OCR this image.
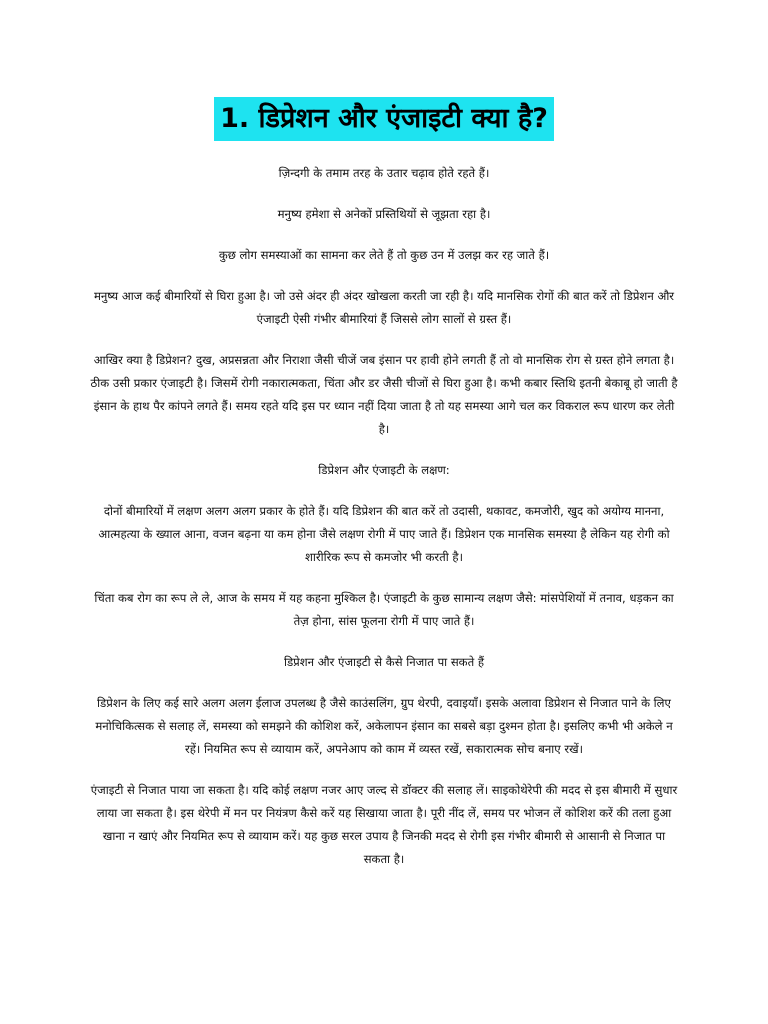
1. डिप्रेशन और एंजाइटी क्या है?

ज़िन्दगी के तमाम तरह के उतार चढ़ाव होते रहते हैं।

मनुष्य हमेशा से अनेकों प्रस्तिथियों से जूझता रहा है।

कुछ लोग समस्याओं का सामना कर लेते हैं तो कुछ उन में उलझ कर रह जाते हैं।

मनुष्य आज कई बीमारियों से घिरा हुआ है। जो उसे अंदर ही अंदर खोखला करती जा रही है। यदि मानसिक रोगों की बात करें तो डिप्रेशन और एंजाइटी ऐसी गंभीर बीमारियां हैं जिससे लोग सालों से ग्रस्त हैं।

आखिर क्या है डिप्रेशन? दुख, अप्रसन्नता और निराशा जैसी चीजें जब इंसान पर हावी होने लगती हैं तो वो मानसिक रोग से ग्रस्त होने लगता है। ठीक उसी प्रकार एंजाइटी है। जिसमें रोगी नकारात्मकता, चिंता और डर जैसी चीजों से घिरा हुआ है। कभी कबार स्तिथि इतनी बेकाबू हो जाती है इंसान के हाथ पैर कांपने लगते हैं। समय रहते यदि इस पर ध्यान नहीं दिया जाता है तो यह समस्या आगे चल कर विकराल रूप धारण कर लेती है।

डिप्रेशन और एंजाइटी के लक्षण:

दोनों बीमारियों में लक्षण अलग अलग प्रकार के होते हैं। यदि डिप्रेशन की बात करें तो उदासी, थकावट, कमजोरी, खुद को अयोग्य मानना, आत्महत्या के ख्याल आना, वजन बढ़ना या कम होना जैसे लक्षण रोगी में पाए जाते हैं। डिप्रेशन एक मानसिक समस्या है लेकिन यह रोगी को शारीरिक रूप से कमजोर भी करती है।

चिंता कब रोग का रूप ले ले, आज के समय में यह कहना मुश्किल है। एंजाइटी के कुछ सामान्य लक्षण जैसे: मांसपेशियों में तनाव, धड़कन का तेज़ होना, सांस फूलना रोगी में पाए जाते हैं।

डिप्रेशन और एंजाइटी से कैसे निजात पा सकते हैं

डिप्रेशन के लिए कई सारे अलग अलग ईलाज उपलब्ध है जैसे काउंसलिंग, ग्रुप थेरपी, दवाइयाँ। इसके अलावा डिप्रेशन से निजात पाने के लिए मनोचिकित्सक से सलाह लें, समस्या को समझने की कोशिश करें, अकेलापन इंसान का सबसे बड़ा दुश्मन होता है। इसलिए कभी भी अकेले न रहें। नियमित रूप से व्यायाम करें, अपनेआप को काम में व्यस्त रखें, सकारात्मक सोच बनाए रखें।

एंजाइटी से निजात पाया जा सकता है। यदि कोई लक्षण नजर आए जल्द से डॉक्टर की सलाह लें। साइकोथेरेपी की मदद से इस बीमारी में सुधार लाया जा सकता है। इस थेरेपी में मन पर नियंत्रण कैसे करें यह सिखाया जाता है। पूरी नींद लें, समय पर भोजन लें कोशिश करें की तला हुआ खाना न खाएं और नियमित रूप से व्यायाम करें। यह कुछ सरल उपाय है जिनकी मदद से रोगी इस गंभीर बीमारी से आसानी से निजात पा सकता है।
